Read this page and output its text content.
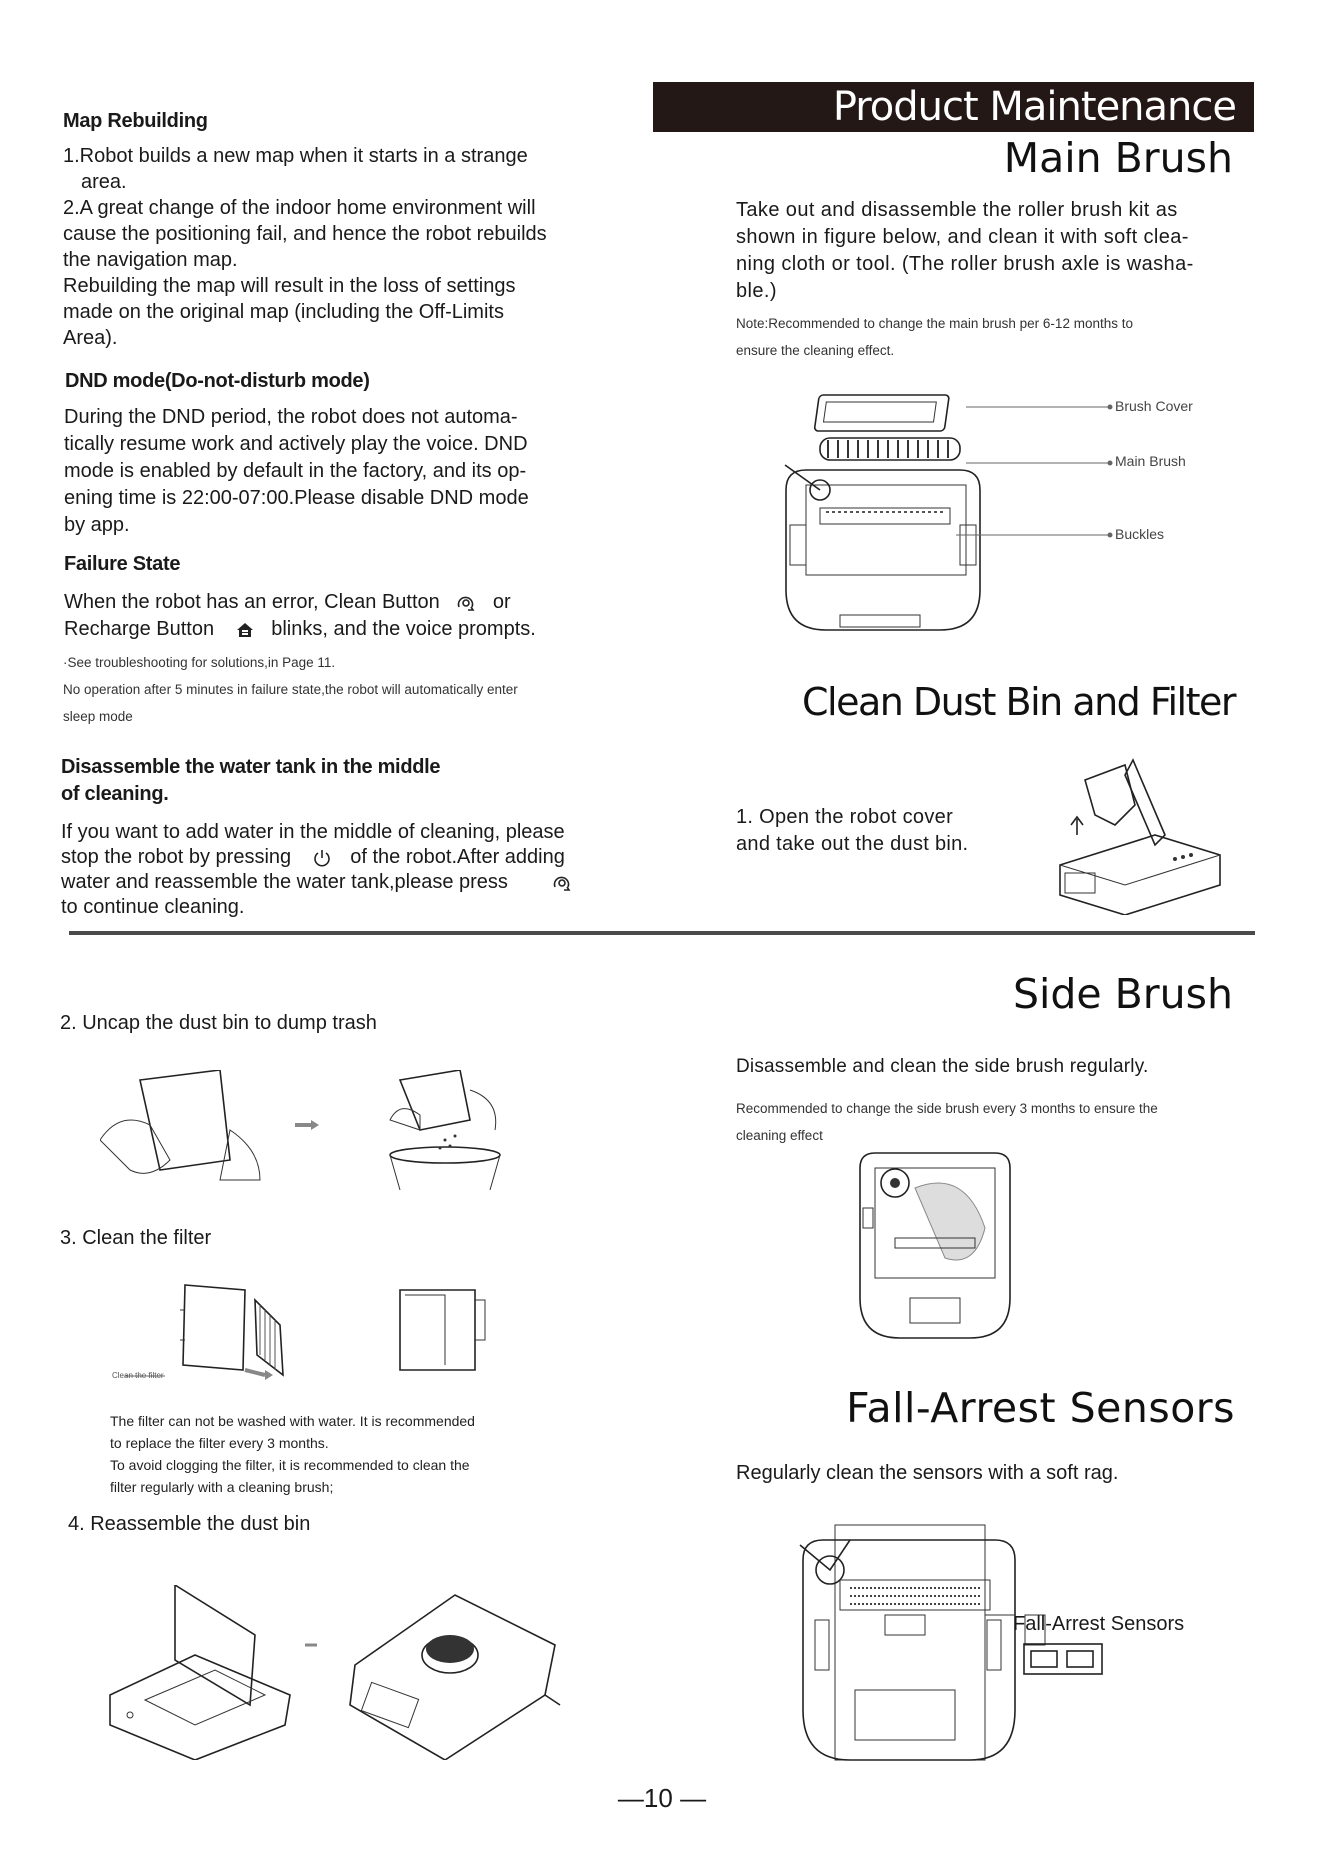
Map Rebuilding
1.Robot builds a new map when it starts in a strange
area.
2.A great change of the indoor home environment will
cause the positioning fail, and hence the robot rebuilds
the navigation map.
Rebuilding the map will result in the loss of settings
made on the original map (including the Off-Limits
Area).
DND mode(Do-not-disturb mode)
During the DND period, the robot does not automa-
tically resume work and actively play the voice. DND
mode is enabled by default in the factory, and its op-
ening time is 22:00-07:00.Please disable DND mode
by app.
Failure State
When the robot has an error, Clean Button	or
Recharge Button	blinks, and the voice prompts.
·See troubleshooting for solutions,in Page 11.
No operation after 5 minutes in failure state,the robot will automatically enter
sleep mode
Disassemble the water tank in the middle
of cleaning.
If you want to add water in the middle of cleaning, please
stop the robot by pressing	of the robot.After adding
water and reassemble the water tank,please press
to continue cleaning.
Product Maintenance
Main Brush
Take out and disassemble the roller brush kit as
shown in figure below, and clean it with soft clea-
ning cloth or tool. (The roller brush axle is washa-
ble.)
Note:Recommended to change the main brush per 6-12 months to
ensure the cleaning effect.
Brush Cover
Main Brush
Buckles
Clean Dust Bin and Filter
1. Open the robot cover
and take out the dust bin.
2. Uncap the dust bin to dump trash
3. Clean the filter
Clean the filter
The filter can not be washed with water. It is recommended
to replace the filter every 3 months.
To avoid clogging the filter, it is recommended to clean the
filter regularly with a cleaning brush;
4. Reassemble the dust bin
Side Brush
Disassemble and clean the side brush regularly.
Recommended to change the side brush every 3 months to ensure the
cleaning effect
Fall-Arrest Sensors
Regularly clean the sensors with a soft rag.
Fall-Arrest Sensors
—10 —
